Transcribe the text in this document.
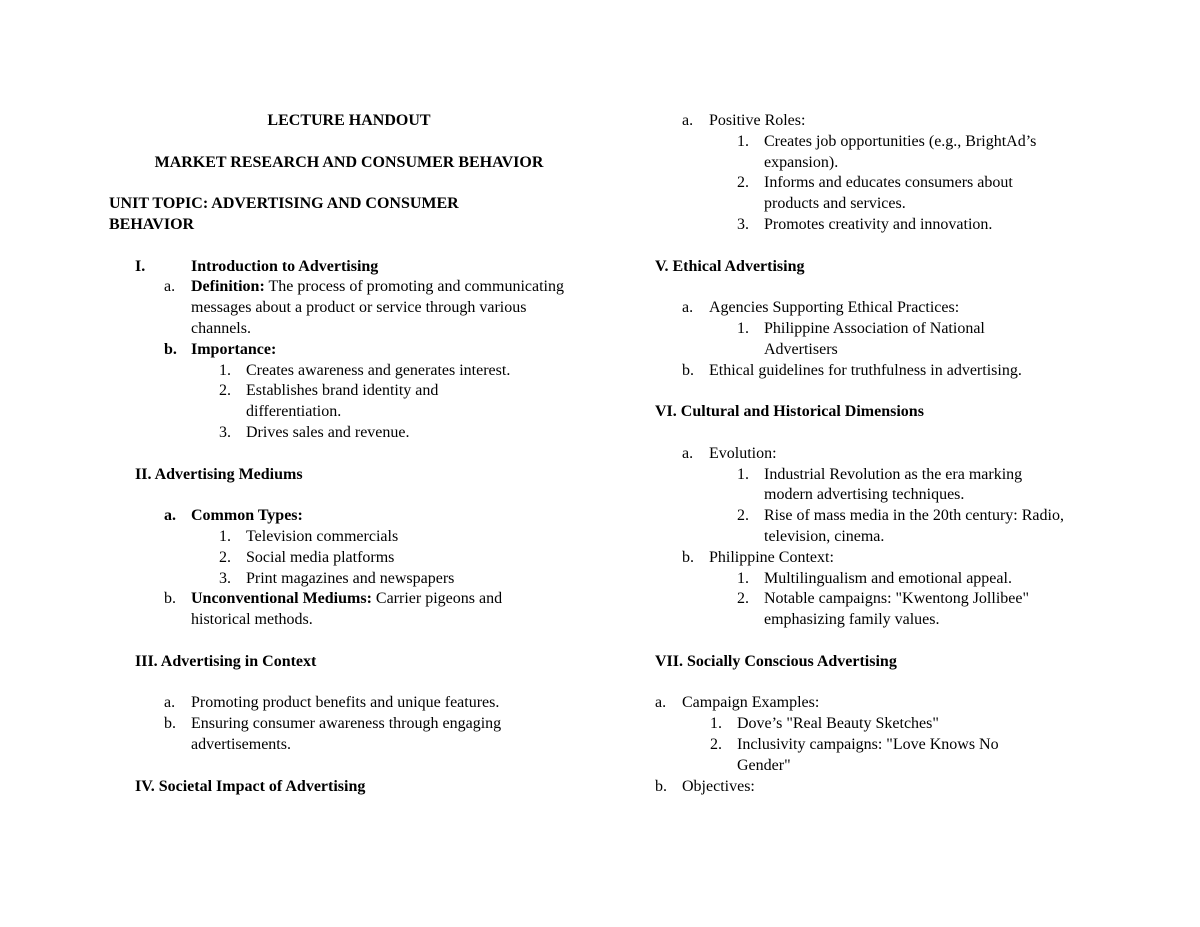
LECTURE HANDOUT

MARKET RESEARCH AND CONSUMER BEHAVIOR

UNIT TOPIC: ADVERTISING AND CONSUMER BEHAVIOR

I.	Introduction to Advertising

a. Definition: The process of promoting and communicating messages about a product or service through various channels.

b. Importance:

1. Creates awareness and generates interest.

2. Establishes brand identity and differentiation.

3. Drives sales and revenue.

II. Advertising Mediums

a. Common Types:

1. Television commercials

2. Social media platforms

3. Print magazines and newspapers

b. Unconventional Mediums: Carrier pigeons and historical methods.

III. Advertising in Context

a. Promoting product benefits and unique features.

b. Ensuring consumer awareness through engaging advertisements.

IV. Societal Impact of Advertising

a. Positive Roles:

1. Creates job opportunities (e.g., BrightAd’s expansion).

2. Informs and educates consumers about products and services.

3. Promotes creativity and innovation.

V. Ethical Advertising

a. Agencies Supporting Ethical Practices:

1. Philippine Association of National Advertisers

b. Ethical guidelines for truthfulness in advertising.

VI. Cultural and Historical Dimensions

a. Evolution:

1. Industrial Revolution as the era marking modern advertising techniques.

2. Rise of mass media in the 20th century: Radio, television, cinema.

b. Philippine Context:

1. Multilingualism and emotional appeal.

2. Notable campaigns: "Kwentong Jollibee" emphasizing family values.

VII. Socially Conscious Advertising

a. Campaign Examples:

1. Dove’s "Real Beauty Sketches"

2. Inclusivity campaigns: "Love Knows No Gender"

b. Objectives:
